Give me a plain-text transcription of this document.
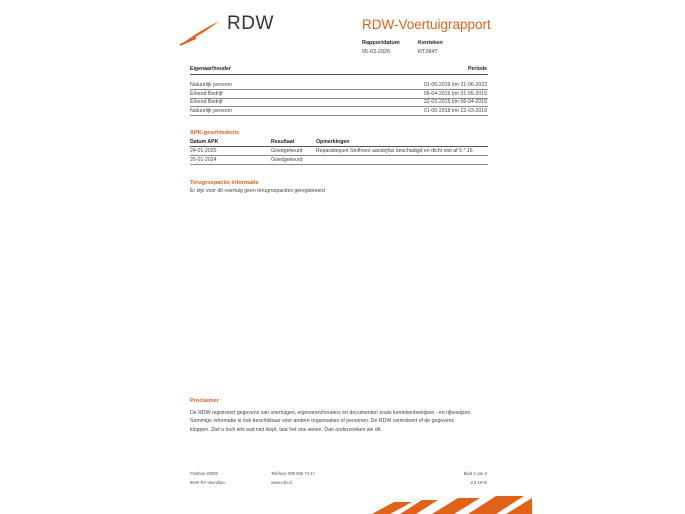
RDW	RDW-Voertuigrapport
Rapportdatum
05-03-2026
Kenteken
RT284T
Eigenaar/houder	Periode
Natuurlijk persoon	01-05-2019 t/m 21-06-2023
Erkend Bedrijf	06-04-2019 t/m 01-05-2019
Erkend Bedrijf	22-03-2019 t/m 06-04-2019
Natuurlijk persoon	01-05-2018 t/m 22-03-2019
APK-geschiedenis
Datum APK	Resultaat	Opmerkingen
24-01-2025	Goedgekeurd	Reparatiepunt Stofhoes aandrijfas beschadigd en dicht niet af 5.*.16
26-01-2024	Goedgekeurd
Terugroepactie informatie
Er zijn voor dit voertuig geen terugroepacties geregistreerd
Proclaimer
De RDW registreert gegevens van voertuigen, eigenaren/houders en documenten zoals kentekenbewijzen - en rijbewijzen.
Sommige informatie is ook beschikbaar voor andere organisaties of personen. De RDW controleert of de gegevens
kloppen. Ziet u toch iets wat niet klopt, laat het ons weten. Dan onderzoeken we dit.
Postbus 30000
9640 RA Veendam
Telefoon 088 008 74 47
www.rdw.nl
Blad 2 van 2
2.6 1678
